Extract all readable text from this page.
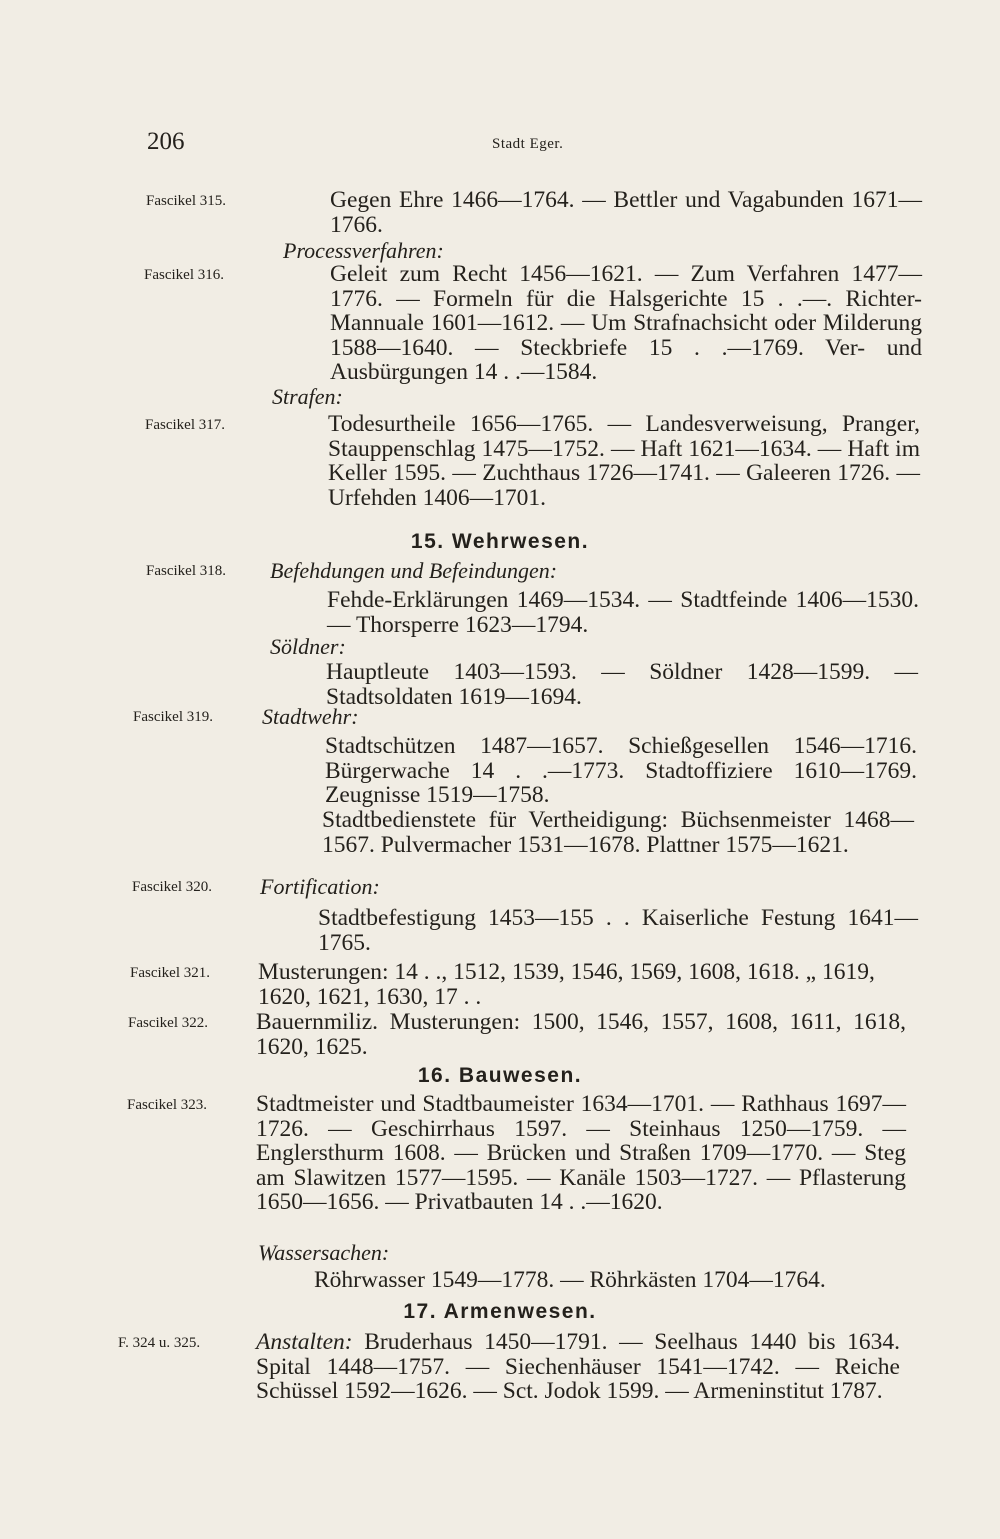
206	Stadt Eger.
Fascikel 315.	Gegen Ehre 1466—1764. — Bettler und Vagabunden 1671—1766.
Processverfahren:
Fascikel 316.	Geleit zum Recht 1456—1621. — Zum Verfahren 1477—1776. — Formeln für die Halsgerichte 15 . .—. Richter-Mannuale 1601—1612. — Um Strafnachsicht oder Milderung 1588—1640. — Steckbriefe 15 . .—1769. Ver- und Ausbürgungen 14 . .—1584.
Strafen:
Fascikel 317.	Todesurtheile 1656—1765. — Landesverweisung, Pranger, Stauppenschlag 1475—1752. — Haft 1621—1634. — Haft im Keller 1595. — Zuchthaus 1726—1741. — Galeeren 1726. — Urfehden 1406—1701.
15. Wehrwesen.
Fascikel 318. Befehdungen und Befeindungen:
Fehde-Erklärungen 1469—1534. — Stadtfeinde 1406—1530. — Thorsperre 1623—1794.
Söldner:
Hauptleute 1403—1593. — Söldner 1428—1599. — Stadtsoldaten 1619—1694.
Fascikel 319. Stadtwehr:
Stadtschützen 1487—1657. Schießgesellen 1546—1716. Bürgerwache 14 . .—1773. Stadtoffiziere 1610—1769. Zeugnisse 1519—1758.
Stadtbedienstete für Vertheidigung: Büchsenmeister 1468—1567. Pulvermacher 1531—1678. Plattner 1575—1621.
Fascikel 320. Fortification:
Stadtbefestigung 1453—155 . . Kaiserliche Festung 1641—1765.
Fascikel 321. Musterungen: 14 . ., 1512, 1539, 1546, 1569, 1608, 1618. „ 1619, 1620, 1621, 1630, 17 . .
Fascikel 322. Bauernmiliz. Musterungen: 1500, 1546, 1557, 1608, 1611, 1618, 1620, 1625.
16. Bauwesen.
Fascikel 323. Stadtmeister und Stadtbaumeister 1634—1701. — Rathhaus 1697—1726. — Geschirrhaus 1597. — Steinhaus 1250—1759. — Englersthurm 1608. — Brücken und Straßen 1709—1770. — Steg am Slawitzen 1577—1595. — Kanäle 1503—1727. — Pflasterung 1650—1656. — Privatbauten 14 . .—1620.
Wassersachen:
Röhrwasser 1549—1778. — Röhrkästen 1704—1764.
17. Armenwesen.
F. 324 u. 325. Anstalten: Bruderhaus 1450—1791. — Seelhaus 1440 bis 1634. Spital 1448—1757. — Siechenhäuser 1541—1742. — Reiche Schüssel 1592—1626. — Sct. Jodok 1599. — Armeninstitut 1787.
